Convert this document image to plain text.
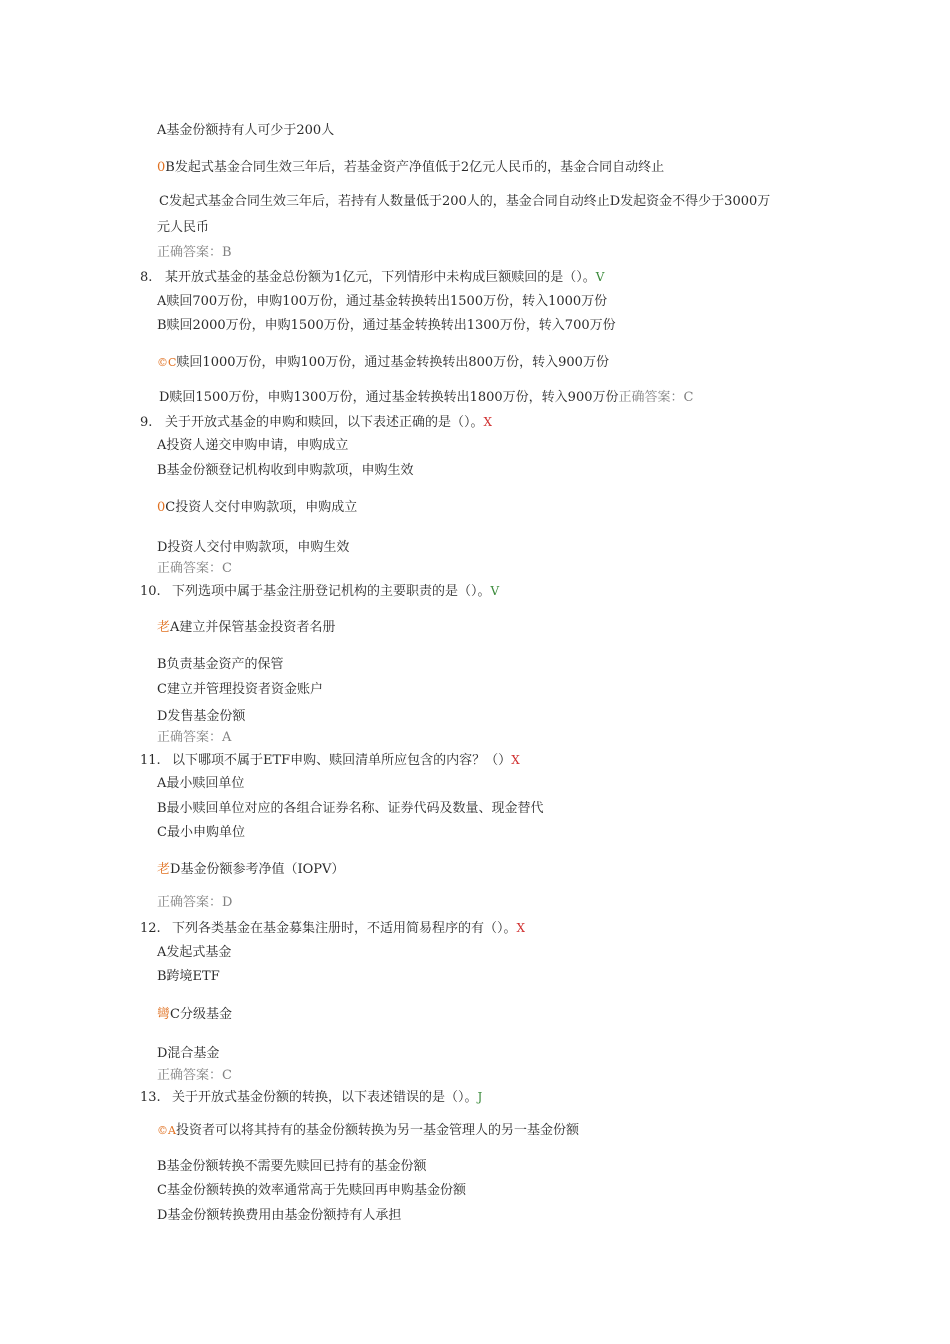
A基金份额持有人可少于200人
0B发起式基金合同生效三年后，若基金资产净值低于2亿元人民币的，基金合同自动终止
C发起式基金合同生效三年后，若持有人数量低于200人的，基金合同自动终止D发起资金不得少于3000万
元人民币
正确答案：B
8. 某开放式基金的基金总份额为1亿元，下列情形中未构成巨额赎回的是（）。V
A赎回700万份，申购100万份，通过基金转换转出1500万份，转入1000万份
B赎回2000万份，申购1500万份，通过基金转换转出1300万份，转入700万份
©C赎回1000万份，申购100万份，通过基金转换转出800万份，转入900万份
D赎回1500万份，申购1300万份，通过基金转换转出1800万份，转入900万份正确答案：C
9. 关于开放式基金的申购和赎回，以下表述正确的是（）。X
A投资人递交申购申请，申购成立
B基金份额登记机构收到申购款项，申购生效
0C投资人交付申购款项，申购成立
D投资人交付申购款项，申购生效
正确答案：C
10. 下列选项中属于基金注册登记机构的主要职责的是（）。V
老A建立并保管基金投资者名册
B负责基金资产的保管
C建立并管理投资者资金账户
D发售基金份额
正确答案：A
11. 以下哪项不属于ETF申购、赎回清单所应包含的内容？（）X
A最小赎回单位
B最小赎回单位对应的各组合证券名称、证券代码及数量、现金替代
C最小申购单位
老D基金份额参考净值（IOPV）
正确答案：D
12. 下列各类基金在基金募集注册时，不适用简易程序的有（）。X
A发起式基金
B跨境ETF
彎C分级基金
D混合基金
正确答案：C
13. 关于开放式基金份额的转换，以下表述错误的是（）。J
©A投资者可以将其持有的基金份额转换为另一基金管理人的另一基金份额
B基金份额转换不需要先赎回已持有的基金份额
C基金份额转换的效率通常高于先赎回再申购基金份额
D基金份额转换费用由基金份额持有人承担
